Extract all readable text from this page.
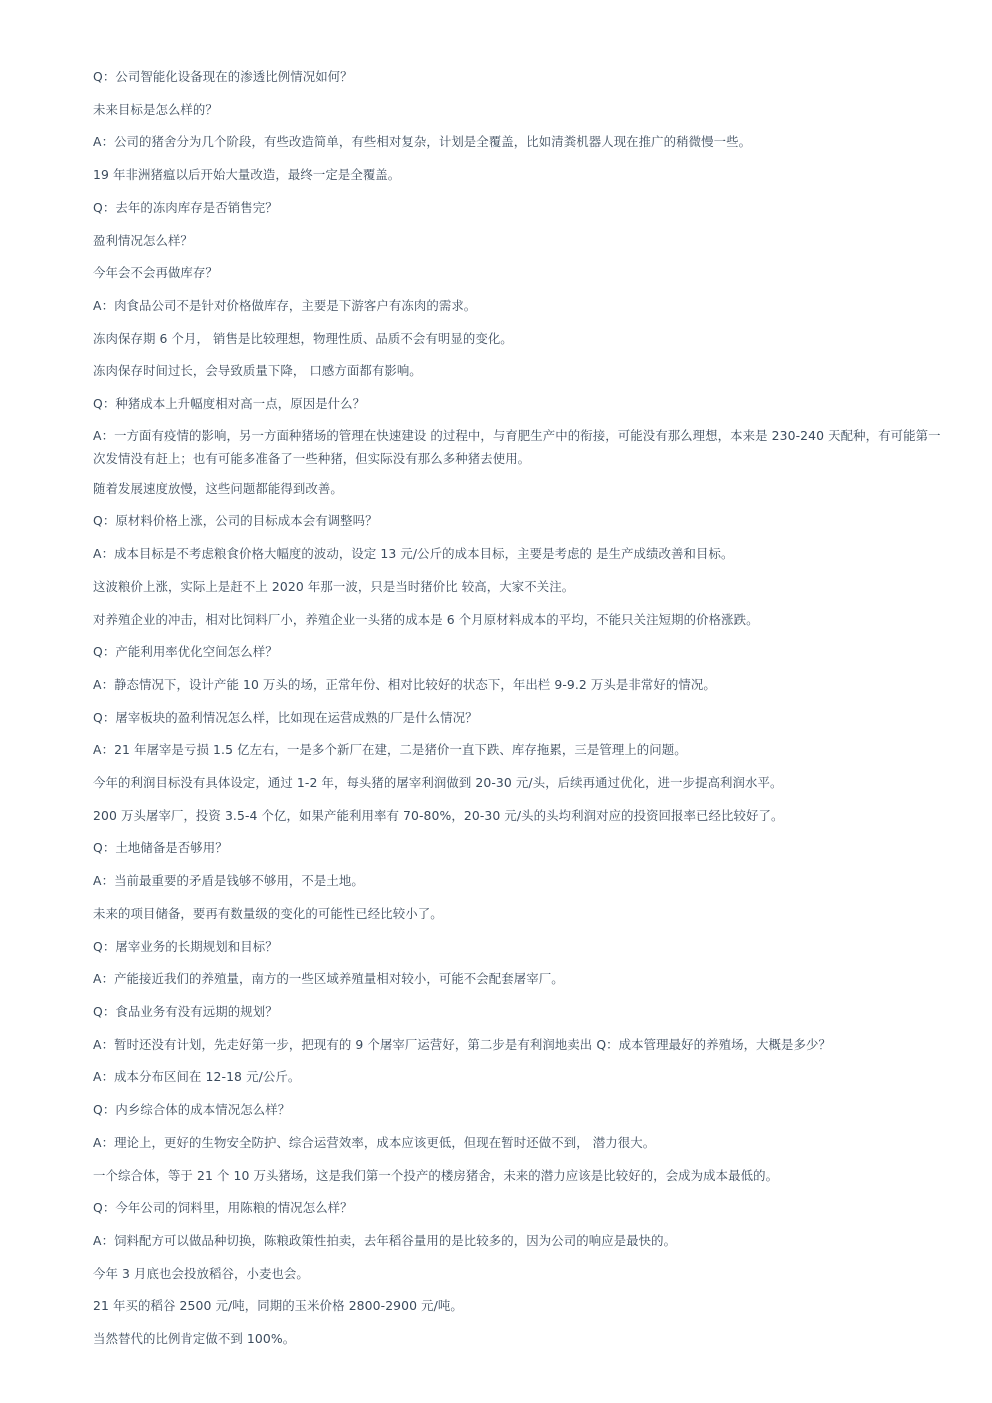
Q：公司智能化设备现在的渗透比例情况如何？

未来目标是怎么样的？

A：公司的猪舍分为几个阶段，有些改造简单，有些相对复杂，计划是全覆盖，比如清粪机器人现在推广的稍微慢一些。

19 年非洲猪瘟以后开始大量改造，最终一定是全覆盖。

Q：去年的冻肉库存是否销售完？

盈利情况怎么样？

今年会不会再做库存？

A：肉食品公司不是针对价格做库存，主要是下游客户有冻肉的需求。

冻肉保存期 6 个月， 销售是比较理想，物理性质、品质不会有明显的变化。

冻肉保存时间过长，会导致质量下降， 口感方面都有影响。

Q：种猪成本上升幅度相对高一点，原因是什么？

A：一方面有疫情的影响，另一方面种猪场的管理在快速建设 的过程中，与育肥生产中的衔接，可能没有那么理想，本来是 230-240 天配种，有可能第一次发情没有赶上；也有可能多准备了一些种猪，但实际没有那么多种猪去使用。

随着发展速度放慢，这些问题都能得到改善。

Q：原材料价格上涨，公司的目标成本会有调整吗？

A：成本目标是不考虑粮食价格大幅度的波动，设定 13 元/公斤的成本目标，主要是考虑的 是生产成绩改善和目标。

这波粮价上涨，实际上是赶不上 2020 年那一波，只是当时猪价比 较高，大家不关注。

对养殖企业的冲击，相对比饲料厂小，养殖企业一头猪的成本是 6 个月原材料成本的平均，不能只关注短期的价格涨跌。

Q：产能利用率优化空间怎么样？

A：静态情况下，设计产能 10 万头的场，正常年份、相对比较好的状态下，年出栏 9-9.2 万头是非常好的情况。

Q：屠宰板块的盈利情况怎么样，比如现在运营成熟的厂是什么情况？

A：21 年屠宰是亏损 1.5 亿左右，一是多个新厂在建，二是猪价一直下跌、库存拖累，三是管理上的问题。

今年的利润目标没有具体设定，通过 1-2 年，每头猪的屠宰利润做到 20-30 元/头，后续再通过优化，进一步提高利润水平。

200 万头屠宰厂，投资 3.5-4 个亿，如果产能利用率有 70-80%，20-30 元/头的头均利润对应的投资回报率已经比较好了。

Q：土地储备是否够用？

A：当前最重要的矛盾是钱够不够用，不是土地。

未来的项目储备，要再有数量级的变化的可能性已经比较小了。

Q：屠宰业务的长期规划和目标？

A：产能接近我们的养殖量，南方的一些区域养殖量相对较小，可能不会配套屠宰厂。

Q：食品业务有没有远期的规划？

A：暂时还没有计划，先走好第一步，把现有的 9 个屠宰厂运营好，第二步是有利润地卖出 Q：成本管理最好的养殖场，大概是多少？

A：成本分布区间在 12-18 元/公斤。

Q：内乡综合体的成本情况怎么样？

A：理论上，更好的生物安全防护、综合运营效率，成本应该更低，但现在暂时还做不到， 潜力很大。

一个综合体，等于 21 个 10 万头猪场，这是我们第一个投产的楼房猪舍，未来的潜力应该是比较好的，会成为成本最低的。

Q：今年公司的饲料里，用陈粮的情况怎么样？

A：饲料配方可以做品种切换，陈粮政策性拍卖，去年稻谷量用的是比较多的，因为公司的响应是最快的。

今年 3 月底也会投放稻谷，小麦也会。

21 年买的稻谷 2500 元/吨，同期的玉米价格 2800-2900 元/吨。

当然替代的比例肯定做不到 100%。
